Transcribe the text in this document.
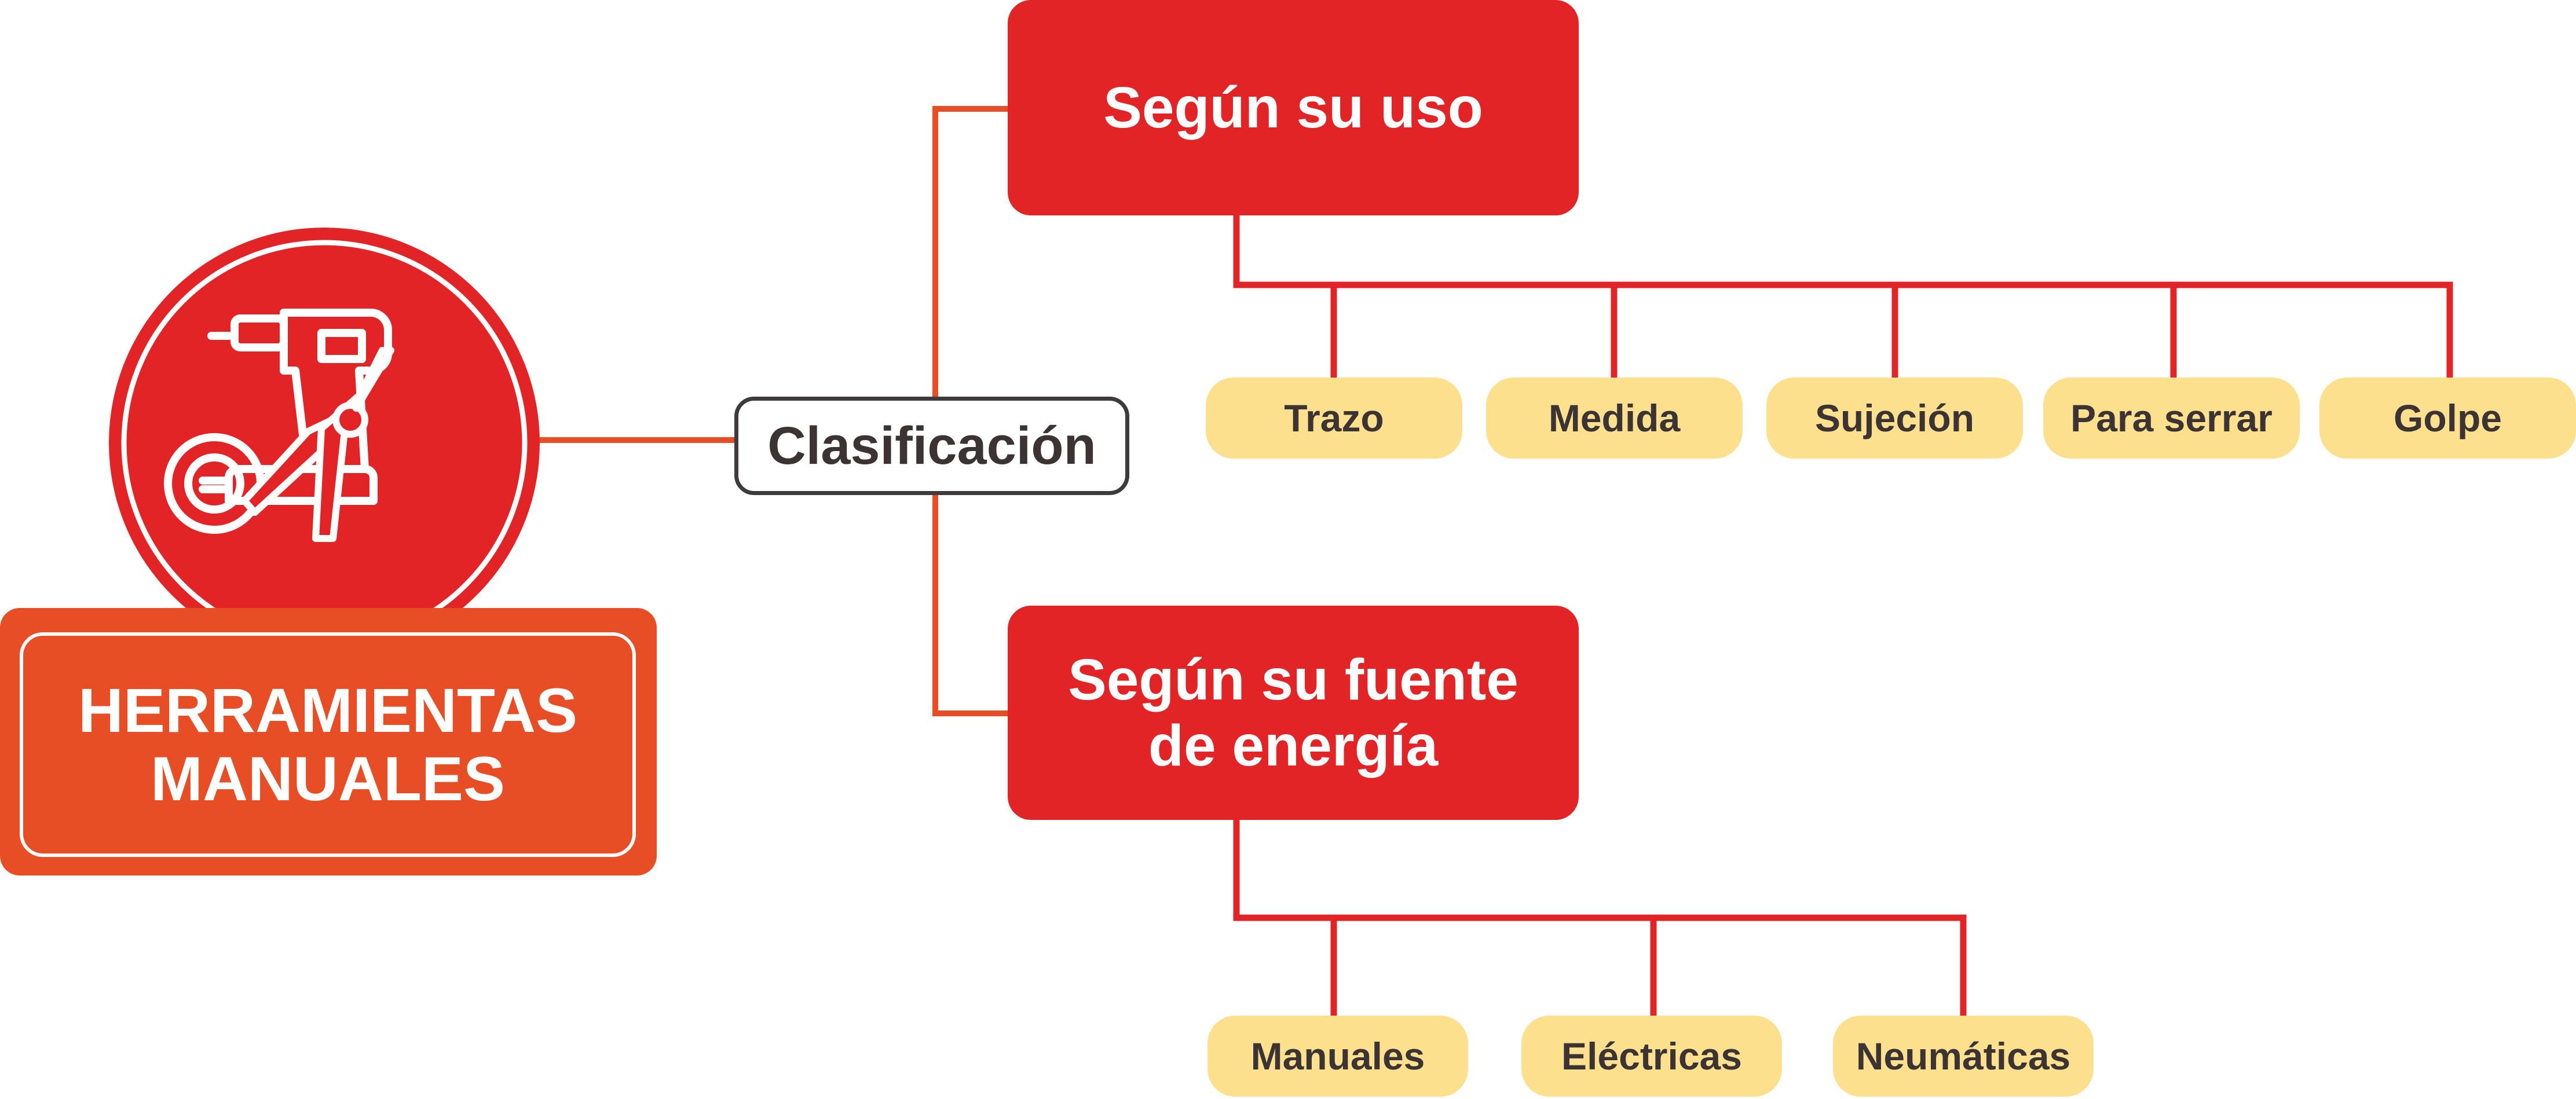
HERRAMIENTAS
MANUALES
Clasificación
Según su uso
Según su fuente
de energía
Trazo	Medida	Sujeción	Para serrar	Golpe
Manuales	Eléctricas	Neumáticas
